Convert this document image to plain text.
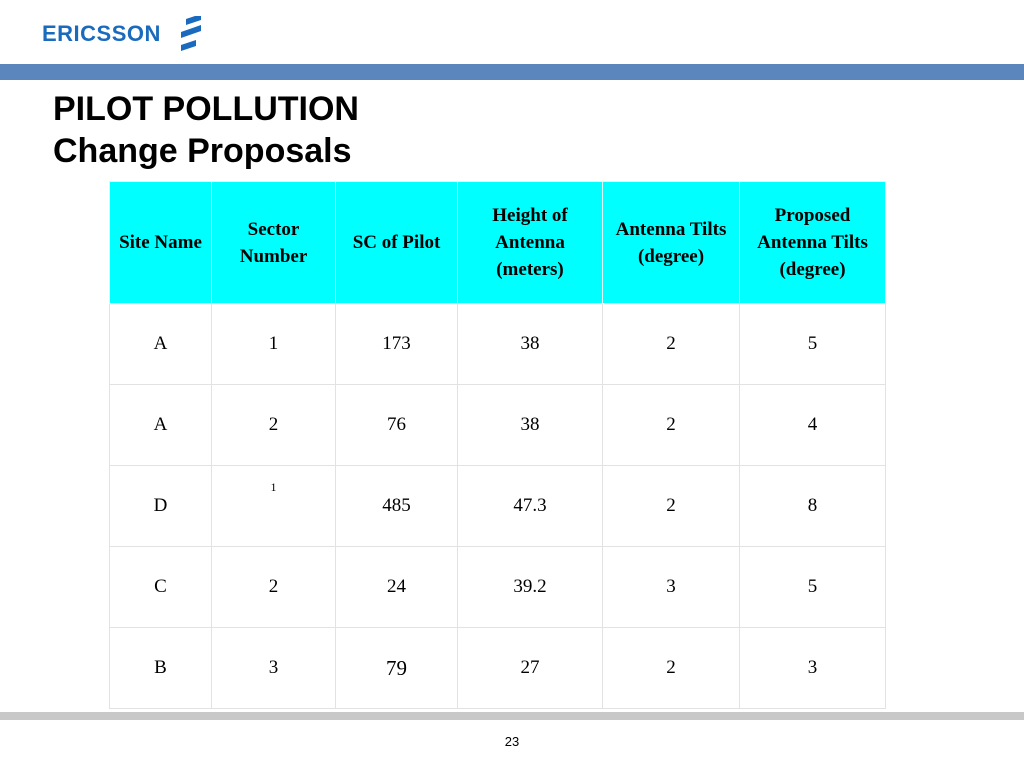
ERICSSON
PILOT POLLUTION
Change Proposals
Site Name	Sector Number	SC of Pilot	Height of Antenna (meters)	Antenna Tilts (degree)	Proposed Antenna Tilts (degree)
A	1	173	38	2	5
A	2	76	38	2	4
D	1	485	47.3	2	8
C	2	24	39.2	3	5
B	3	79	27	2	3
23
